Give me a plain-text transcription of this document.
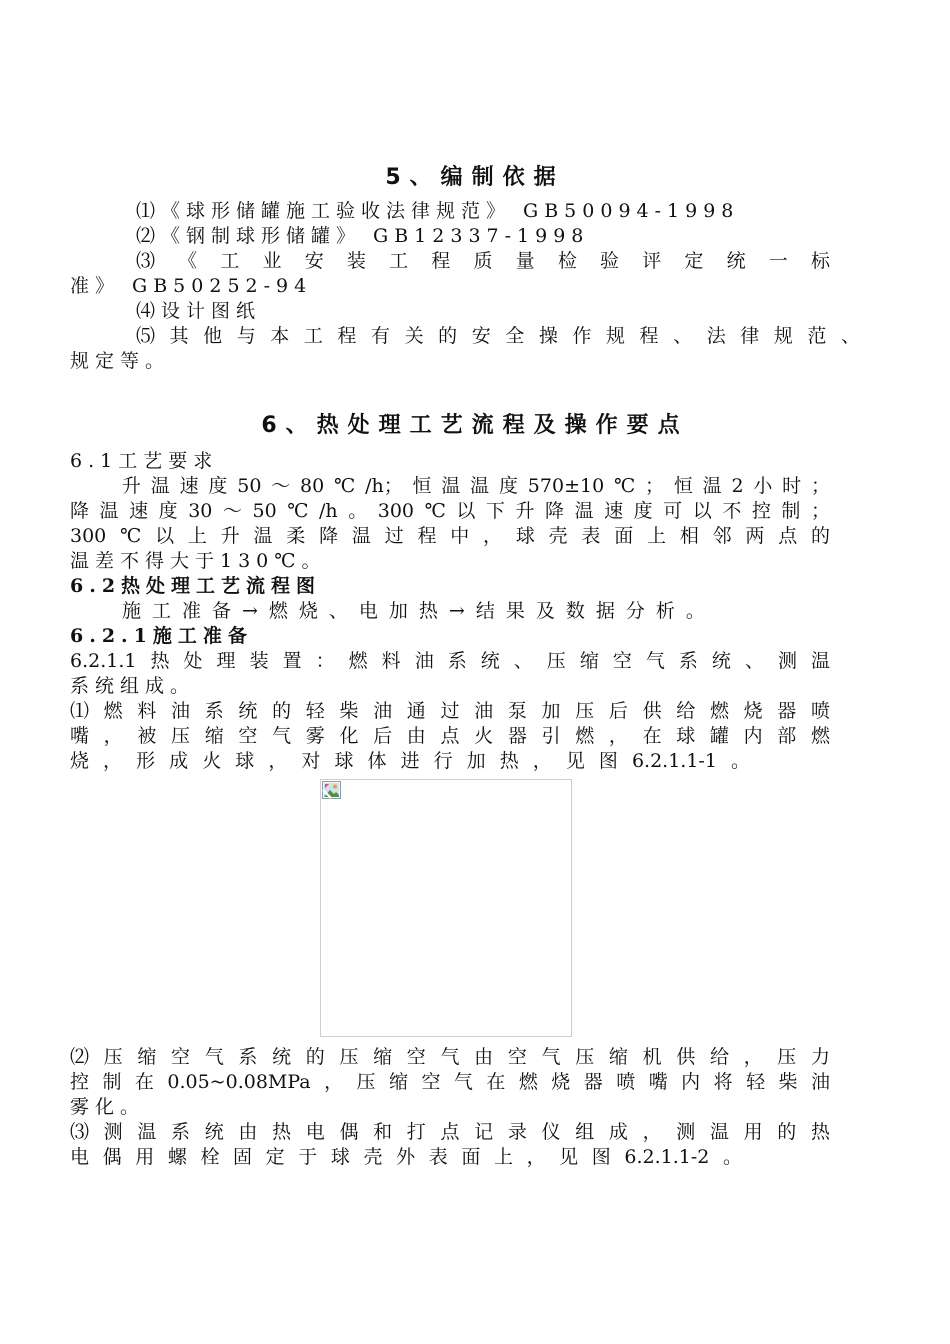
5、编制依据
⑴《球形储罐施工验收法律规范》 GB50094-1998
⑵《钢制球形储罐》 GB12337-1998
⑶《工业安装工程质量检验评定统一标
准》 GB50252-94
⑷设计图纸
⑸其他与本工程有关的安全操作规程、法律规范、
规定等。
6、热处理工艺流程及操作要点
6.1工艺要求
升温速度50～80℃/h；恒温温度570±10℃；恒温2小时；
降温速度30～50℃/h。300℃以下升降温速度可以不控制；
300℃以上升温柔降温过程中，球壳表面上相邻两点的
温差不得大于130℃。
6.2热处理工艺流程图
施工准备→燃烧、电加热→结果及数据分析。
6.2.1施工准备
6.2.1.1热处理装置：燃料油系统、压缩空气系统、测温
系统组成。
⑴燃料油系统的轻柴油通过油泵加压后供给燃烧器喷
嘴，被压缩空气雾化后由点火器引燃，在球罐内部燃
烧，形成火球，对球体进行加热，见图6.2.1.1-1。
⑵压缩空气系统的压缩空气由空气压缩机供给，压力
控制在0.05~0.08MPa，压缩空气在燃烧器喷嘴内将轻柴油
雾化。
⑶测温系统由热电偶和打点记录仪组成，测温用的热
电偶用螺栓固定于球壳外表面上，见图6.2.1.1-2。
